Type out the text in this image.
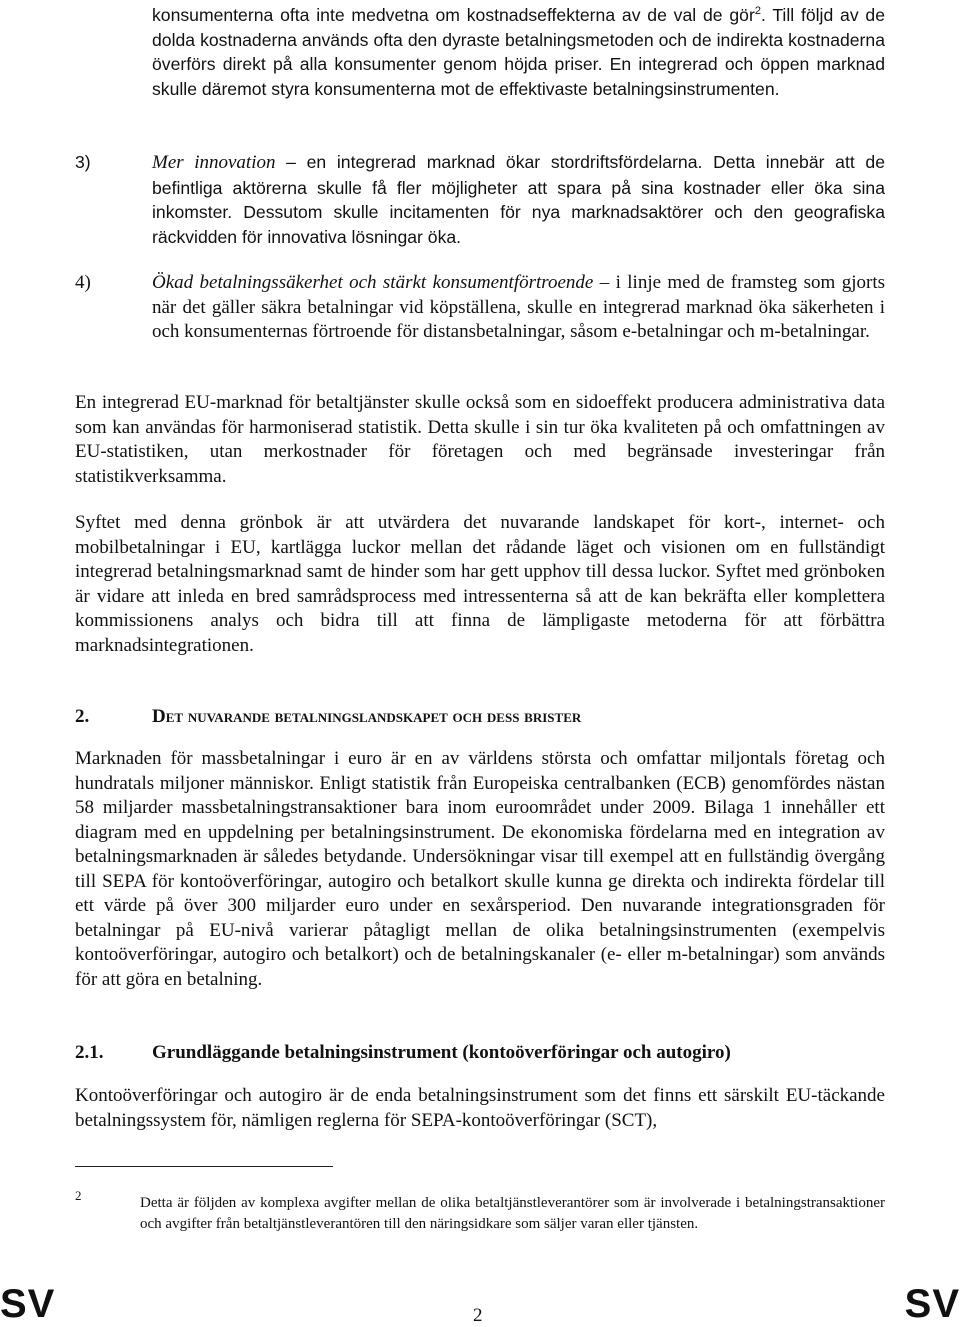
konsumenterna ofta inte medvetna om kostnadseffekterna av de val de gör$^2$. Till följd av de dolda kostnaderna används ofta den dyraste betalningsmetoden och de indirekta kostnaderna överförs direkt på alla konsumenter genom höjda priser. En integrerad och öppen marknad skulle däremot styra konsumenterna mot de effektivaste betalningsinstrumenten.

3)	Mer innovation – en integrerad marknad ökar stordriftsfördelarna. Detta innebär att de befintliga aktörerna skulle få fler möjligheter att spara på sina kostnader eller öka sina inkomster. Dessutom skulle incitamenten för nya marknadsaktörer och den geografiska räckvidden för innovativa lösningar öka.

4)	Ökad betalningssäkerhet och stärkt konsumentförtroende – i linje med de framsteg som gjorts när det gäller säkra betalningar vid köpställena, skulle en integrerad marknad öka säkerheten i och konsumenternas förtroende för distansbetalningar, såsom e-betalningar och m-betalningar.

En integrerad EU-marknad för betaltjänster skulle också som en sidoeffekt producera administrativa data som kan användas för harmoniserad statistik. Detta skulle i sin tur öka kvaliteten på och omfattningen av EU-statistiken, utan merkostnader för företagen och med begränsade investeringar från statistikverksamma.

Syftet med denna grönbok är att utvärdera det nuvarande landskapet för kort-, internet- och mobilbetalningar i EU, kartlägga luckor mellan det rådande läget och visionen om en fullständigt integrerad betalningsmarknad samt de hinder som har gett upphov till dessa luckor. Syftet med grönboken är vidare att inleda en bred samrådsprocess med intressenterna så att de kan bekräfta eller komplettera kommissionens analys och bidra till att finna de lämpligaste metoderna för att förbättra marknadsintegrationen.

2.	Det nuvarande betalningslandskapet och dess brister

Marknaden för massbetalningar i euro är en av världens största och omfattar miljontals företag och hundratals miljoner människor. Enligt statistik från Europeiska centralbanken (ECB) genomfördes nästan 58 miljarder massbetalningstransaktioner bara inom euroområdet under 2009. Bilaga 1 innehåller ett diagram med en uppdelning per betalningsinstrument. De ekonomiska fördelarna med en integration av betalningsmarknaden är således betydande. Undersökningar visar till exempel att en fullständig övergång till SEPA för kontoöverföringar, autogiro och betalkort skulle kunna ge direkta och indirekta fördelar till ett värde på över 300 miljarder euro under en sexårsperiod. Den nuvarande integrationsgraden för betalningar på EU-nivå varierar påtagligt mellan de olika betalningsinstrumenten (exempelvis kontoöverföringar, autogiro och betalkort) och de betalningskanaler (e- eller m-betalningar) som används för att göra en betalning.

2.1.	Grundläggande betalningsinstrument (kontoöverföringar och autogiro)

Kontoöverföringar och autogiro är de enda betalningsinstrument som det finns ett särskilt EU-täckande betalningssystem för, nämligen reglerna för SEPA-kontoöverföringar (SCT),

2	Detta är följden av komplexa avgifter mellan de olika betaltjänstleverantörer som är involverade i betalningstransaktioner och avgifter från betaltjänstleverantören till den näringsidkare som säljer varan eller tjänsten.

SV	2	SV
